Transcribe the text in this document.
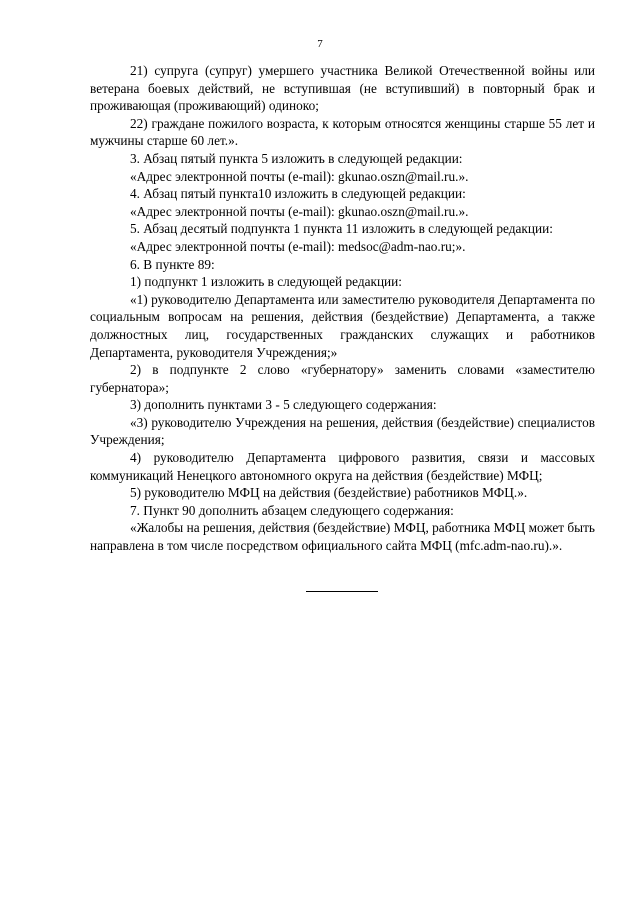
7

21) супруга (супруг) умершего участника Великой Отечественной войны или ветерана боевых действий, не вступившая (не вступивший) в повторный брак и проживающая (проживающий) одиноко;

22) граждане пожилого возраста, к которым относятся женщины старше 55 лет и мужчины старше 60 лет.».

3. Абзац пятый пункта 5 изложить в следующей редакции:

«Адрес электронной почты (e-mail): gkunao.oszn@mail.ru.».

4. Абзац пятый пункта10 изложить в следующей редакции:

«Адрес электронной почты (e-mail): gkunao.oszn@mail.ru.».

5. Абзац десятый подпункта 1 пункта 11 изложить в следующей редакции:

«Адрес электронной почты (e-mail): medsoc@adm-nao.ru;».

6. В пункте 89:

1) подпункт 1 изложить в следующей редакции:

«1) руководителю Департамента или заместителю руководителя Департамента по социальным вопросам на решения, действия (бездействие) Департамента, а также должностных лиц, государственных гражданских служащих и работников Департамента, руководителя Учреждения;»

2) в подпункте 2 слово «губернатору» заменить словами «заместителю губернатора»;

3) дополнить пунктами 3 - 5 следующего содержания:

«3) руководителю Учреждения на решения, действия (бездействие) специалистов Учреждения;

4) руководителю Департамента цифрового развития, связи и массовых коммуникаций Ненецкого автономного округа на действия (бездействие) МФЦ;

5) руководителю МФЦ на действия (бездействие) работников МФЦ.».

7. Пункт 90 дополнить абзацем следующего содержания:

«Жалобы на решения, действия (бездействие) МФЦ, работника МФЦ может быть направлена в том числе посредством официального сайта МФЦ (mfc.adm-nao.ru).».
